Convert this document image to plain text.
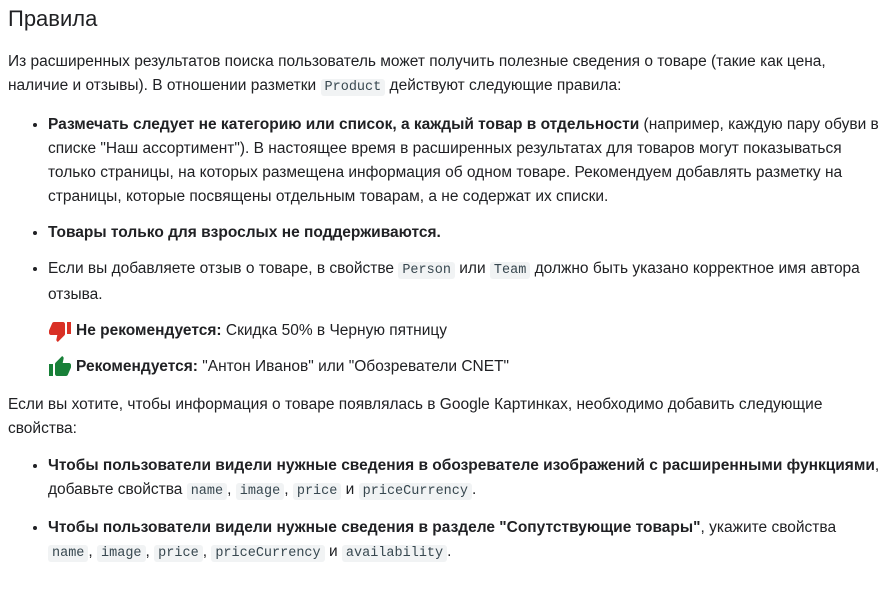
Правила

Из расширенных результатов поиска пользователь может получить полезные сведения о товаре (такие как цена, наличие и отзывы). В отношении разметки Product действуют следующие правила:

• Размечать следует не категорию или список, а каждый товар в отдельности (например, каждую пару обуви в списке "Наш ассортимент"). В настоящее время в расширенных результатах для товаров могут показываться только страницы, на которых размещена информация об одном товаре. Рекомендуем добавлять разметку на страницы, которые посвящены отдельным товарам, а не содержат их списки.
• Товары только для взрослых не поддерживаются.
• Если вы добавляете отзыв о товаре, в свойстве Person или Team должно быть указано корректное имя автора отзыва.
Не рекомендуется: Скидка 50% в Черную пятницу
Рекомендуется: "Антон Иванов" или "Обозреватели CNET"

Если вы хотите, чтобы информация о товаре появлялась в Google Картинках, необходимо добавить следующие свойства:

• Чтобы пользователи видели нужные сведения в обозревателе изображений с расширенными функциями, добавьте свойства name , image , price и priceCurrency .
• Чтобы пользователи видели нужные сведения в разделе "Сопутствующие товары", укажите свойства name , image , price , priceCurrency и availability .
